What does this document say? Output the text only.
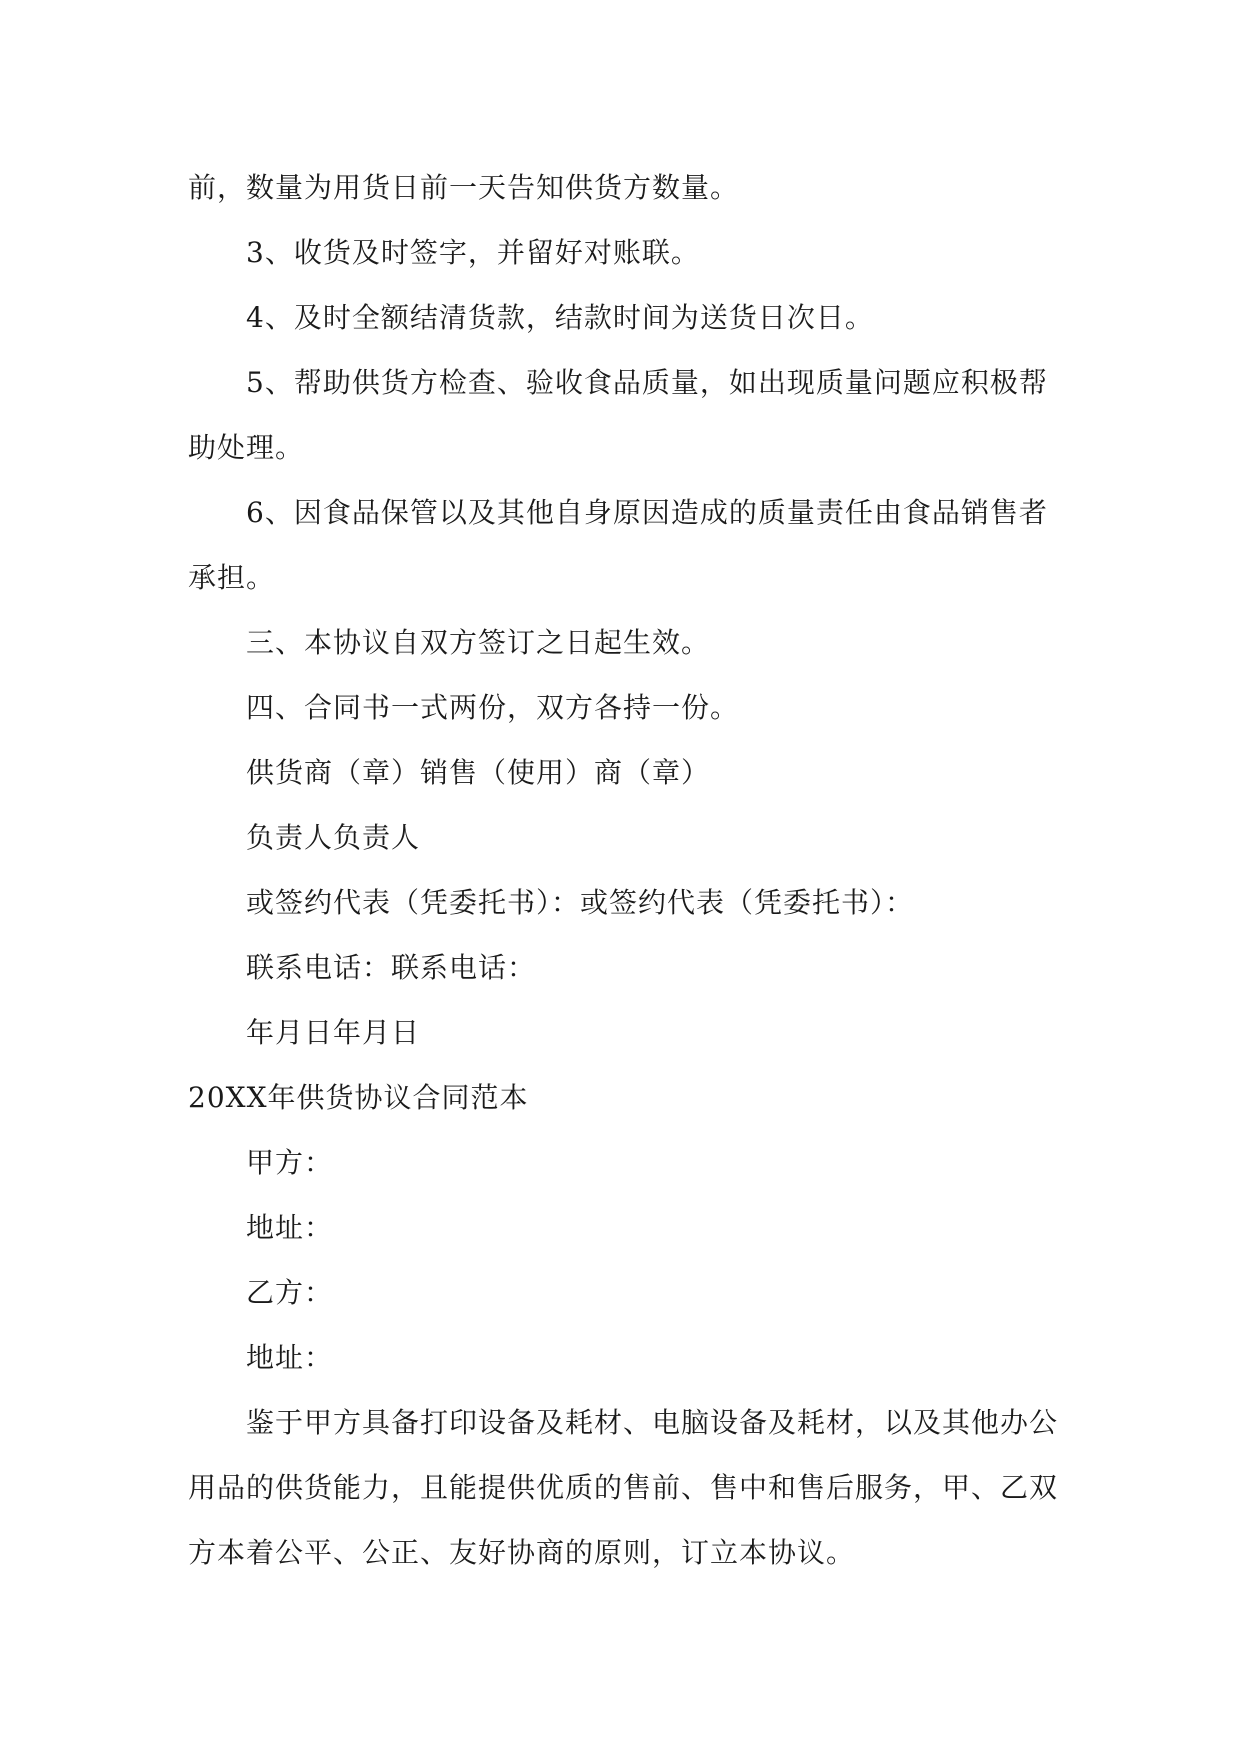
前，数量为用货日前一天告知供货方数量。
3、收货及时签字，并留好对账联。
4、及时全额结清货款，结款时间为送货日次日。
5、帮助供货方检查、验收食品质量，如出现质量问题应积极帮
助处理。
6、因食品保管以及其他自身原因造成的质量责任由食品销售者
承担。
三、本协议自双方签订之日起生效。
四、合同书一式两份，双方各持一份。
供货商（章）销售（使用）商（章）
负责人负责人
或签约代表（凭委托书）：或签约代表（凭委托书）：
联系电话：联系电话：
年月日年月日
20XX年供货协议合同范本
甲方：
地址：
乙方：
地址：
鉴于甲方具备打印设备及耗材、电脑设备及耗材，以及其他办公
用品的供货能力，且能提供优质的售前、售中和售后服务，甲、乙双
方本着公平、公正、友好协商的原则，订立本协议。
